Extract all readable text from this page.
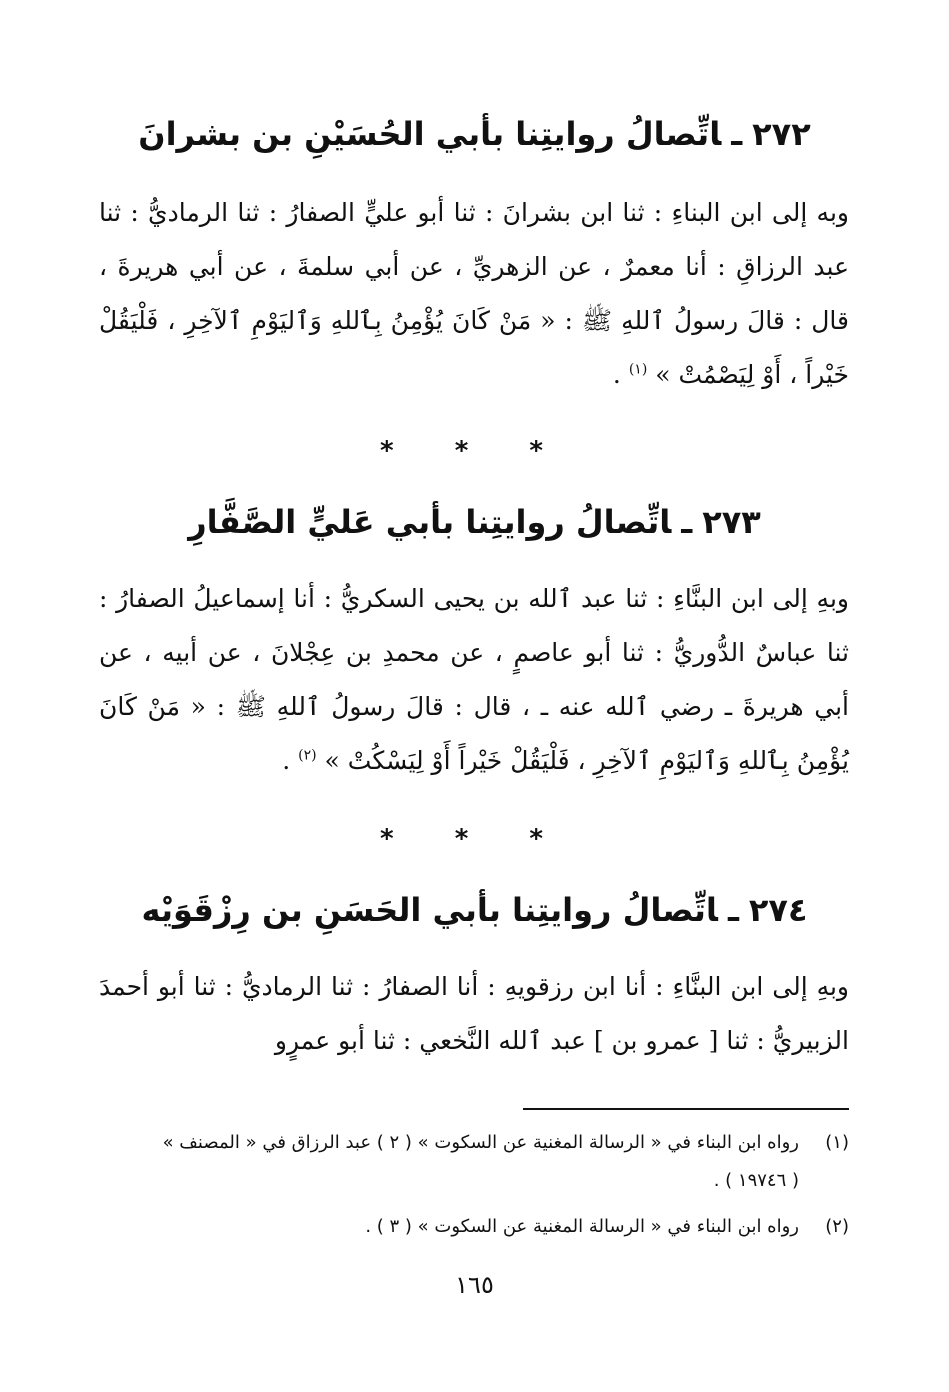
٢٧٢ـاتِّصالُ روايتِنا بأبي الحُسَيْنِ بن بشرانَ
وبه إلى ابن البناءِ : ثنا ابن بشرانَ : ثنا أبو عليٍّ الصفارُ : ثنا الرماديُّ : ثنا عبد الرزاقِ : أنا معمرٌ ، عن الزهريِّ ، عن أبي سلمةَ ، عن أبي هريرةَ ، قال : قالَ رسولُ ٱللهِ ﷺ : « مَنْ كَانَ يُؤْمِنُ بِٱللهِ وَٱليَوْمِ ٱلآخِرِ ، فَلْيَقُلْ خَيْراً ، أَوْ لِيَصْمُتْ » $^{(١)}$ .
* * *
٢٧٣ـاتِّصالُ روايتِنا بأبي عَليٍّ الصَّفَّارِ
وبهِ إلى ابن البنَّاءِ : ثنا عبد ٱلله بن يحيى السكريُّ : أنا إسماعيلُ الصفارُ : ثنا عباسٌ الدُّوريُّ : ثنا أبو عاصمٍ ، عن محمدِ بن عِجْلانَ ، عن أبيه ، عن أبي هريرةَ ـ رضي ٱلله عنه ـ ، قال : قالَ رسولُ ٱللهِ ﷺ : « مَنْ كَانَ يُؤْمِنُ بِٱللهِ وَٱليَوْمِ ٱلآخِرِ ، فَلْيَقُلْ خَيْراً أَوْ لِيَسْكُتْ » $^{(٢)}$ .
* * *
٢٧٤ـاتِّصالُ روايتِنا بأبي الحَسَنِ بن رِزْقَوَيْه
وبهِ إلى ابن البنَّاءِ : أنا ابن رزقويهِ : أنا الصفارُ : ثنا الرماديُّ : ثنا أبو أحمدَ الزبيريُّ : ثنا [ عمرو بن ] عبد ٱلله النَّخعي : ثنا أبو عمرٍو
(١)رواه ابن البناء في « الرسالة المغنية عن السكوت » ( ٢ ) عبد الرزاق في « المصنف »
( ١٩٧٤٦ ) .
(٢)رواه ابن البناء في « الرسالة المغنية عن السكوت » ( ٣ ) .
١٦٥
